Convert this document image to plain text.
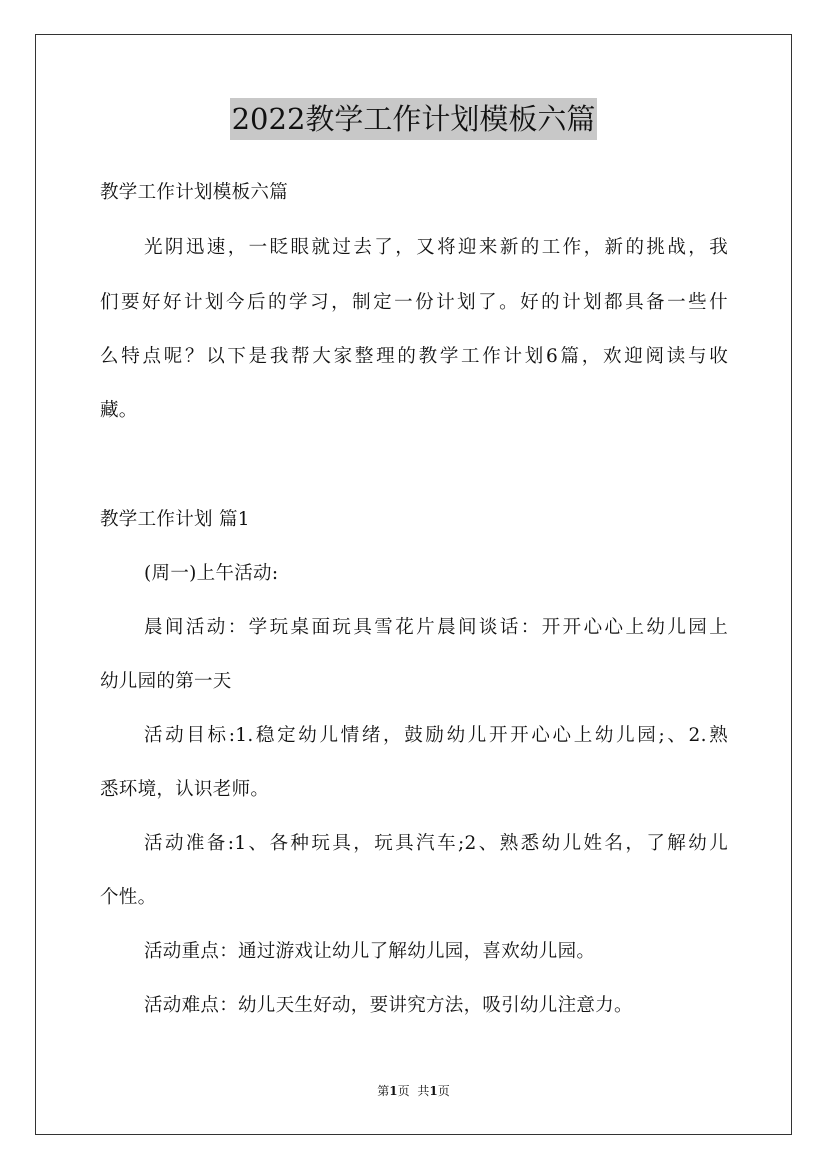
2022教学工作计划模板六篇
教学工作计划模板六篇
光阴迅速，一眨眼就过去了，又将迎来新的工作，新的挑战，我
们要好好计划今后的学习，制定一份计划了。好的计划都具备一些什
么特点呢？以下是我帮大家整理的教学工作计划6篇，欢迎阅读与收
藏。
教学工作计划 篇1
(周一)上午活动:
晨间活动：学玩桌面玩具雪花片晨间谈话：开开心心上幼儿园上
幼儿园的第一天
活动目标:1.稳定幼儿情绪，鼓励幼儿开开心心上幼儿园;、2.熟
悉环境，认识老师。
活动准备:1、各种玩具，玩具汽车;2、熟悉幼儿姓名，了解幼儿
个性。
活动重点：通过游戏让幼儿了解幼儿园，喜欢幼儿园。
活动难点：幼儿天生好动，要讲究方法，吸引幼儿注意力。
第1页 共1页
